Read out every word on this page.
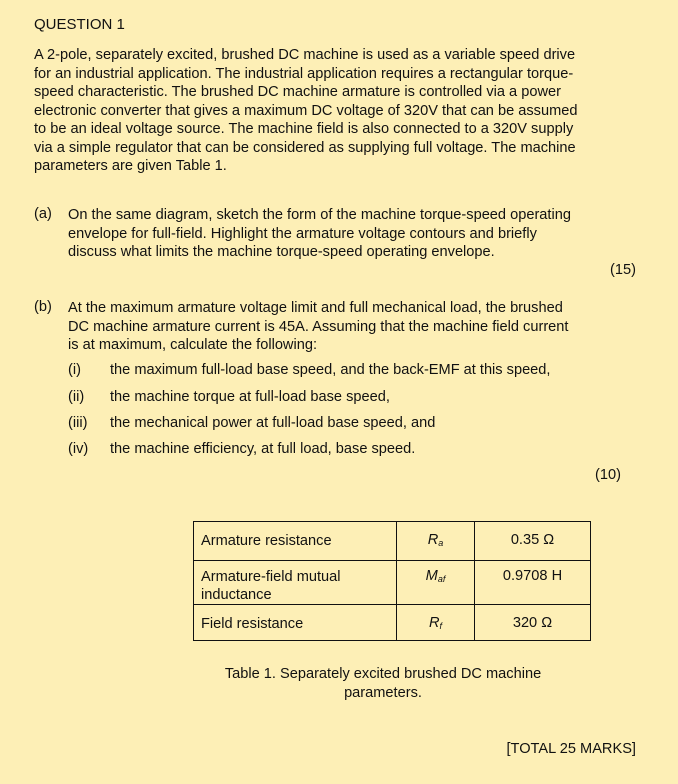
QUESTION 1
A 2-pole, separately excited, brushed DC machine is used as a variable speed drive
for an industrial application. The industrial application requires a rectangular torque-
speed characteristic. The brushed DC machine armature is controlled via a power
electronic converter that gives a maximum DC voltage of 320V that can be assumed
to be an ideal voltage source. The machine field is also connected to a 320V supply
via a simple regulator that can be considered as supplying full voltage. The machine
parameters are given Table 1.
(a) On the same diagram, sketch the form of the machine torque-speed operating
envelope for full-field. Highlight the armature voltage contours and briefly
discuss what limits the machine torque-speed operating envelope.
(15)
(b) At the maximum armature voltage limit and full mechanical load, the brushed
DC machine armature current is 45A. Assuming that the machine field current
is at maximum, calculate the following:
(i) the maximum full-load base speed, and the back-EMF at this speed,
(ii) the machine torque at full-load base speed,
(iii) the mechanical power at full-load base speed, and
(iv) the machine efficiency, at full load, base speed.
(10)
Armature resistance	$R_a$	0.35 Ω
Armature-field mutual
inductance	$M_{af}$	0.9708 H
Field resistance	$R_f$	320 Ω
Table 1. Separately excited brushed DC machine
parameters.
[TOTAL 25 MARKS]
